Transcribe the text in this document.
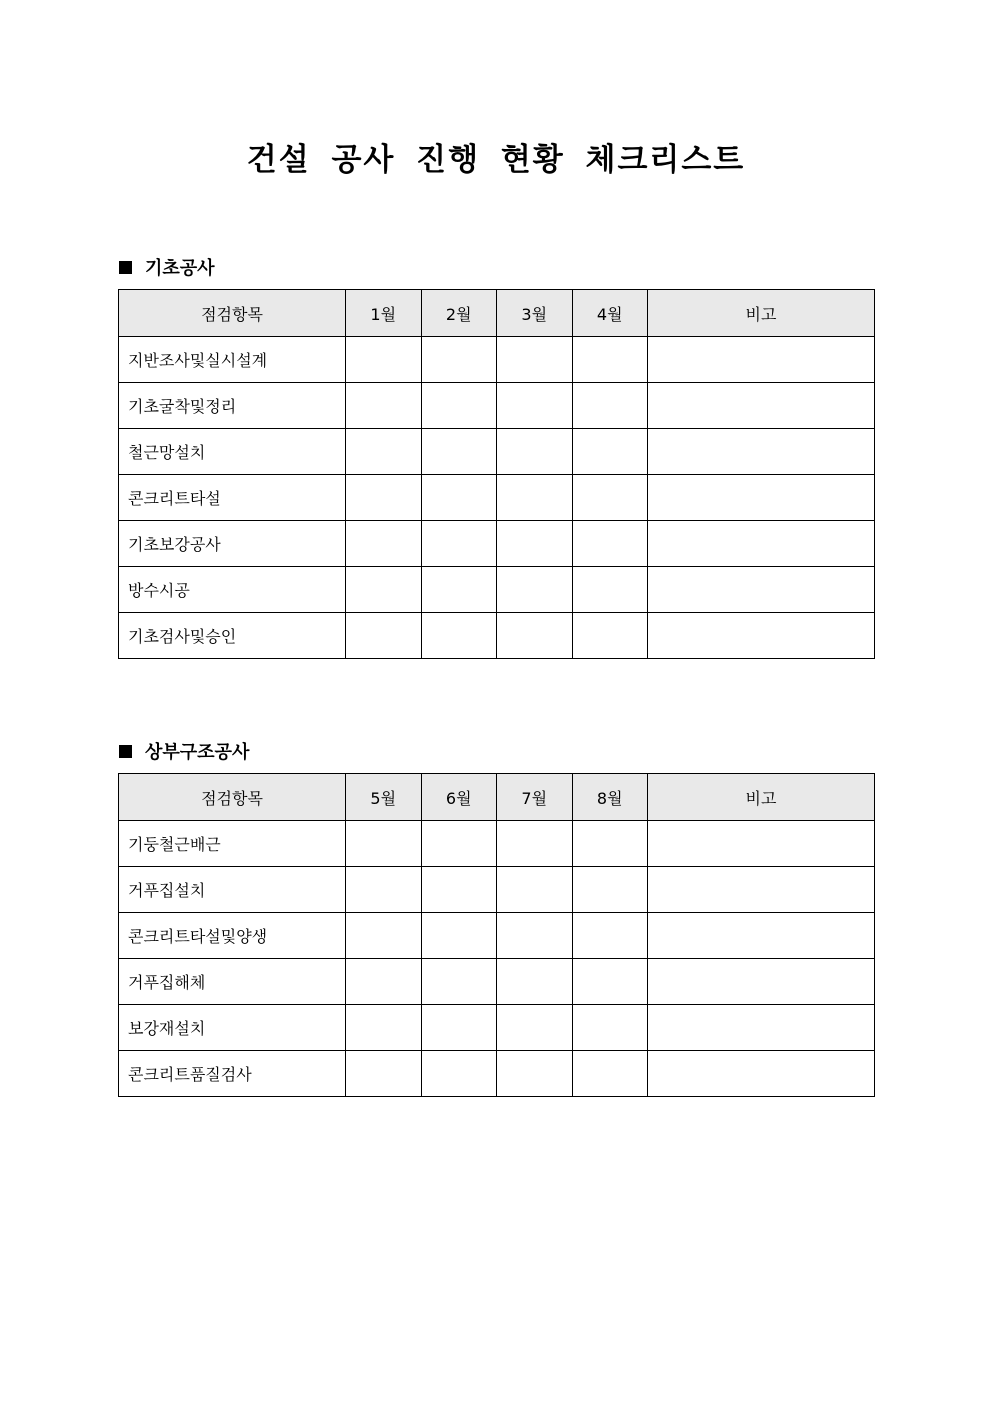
건설 공사 진행 현황 체크리스트
기초공사
점검항목	1월	2월	3월	4월	비고
지반조사및실시설계					
기초굴착및정리					
철근망설치					
콘크리트타설					
기초보강공사					
방수시공					
기초검사및승인					
상부구조공사
점검항목	5월	6월	7월	8월	비고
기둥철근배근					
거푸집설치					
콘크리트타설및양생					
거푸집해체					
보강재설치					
콘크리트품질검사					
